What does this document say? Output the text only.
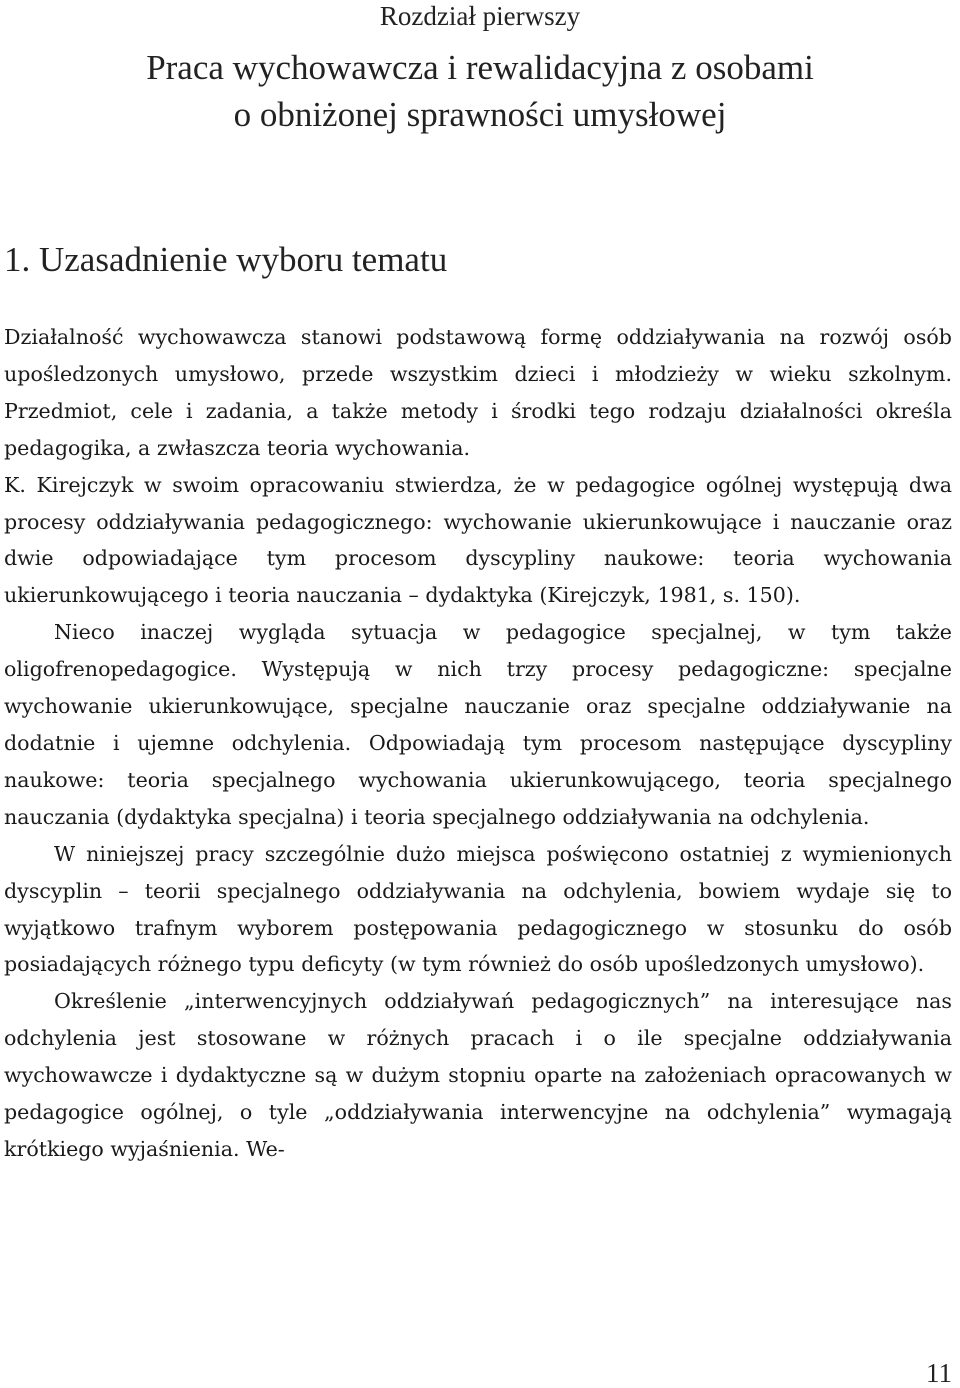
Rozdział pierwszy
Praca wychowawcza i rewalidacyjna z osobami
o obniżonej sprawności umysłowej
1. Uzasadnienie wyboru tematu

Działalność wychowawcza stanowi podstawową formę oddziaływania na rozwój osób upośledzonych umysłowo, przede wszystkim dzieci i młodzieży w wieku szkolnym. Przedmiot, cele i zadania, a także metody i środki tego rodzaju działalności określa pedagogika, a zwłaszcza teoria wychowania.

K. Kirejczyk w swoim opracowaniu stwierdza, że w pedagogice ogólnej występują dwa procesy oddziaływania pedagogicznego: wychowanie ukierunkowujące i nauczanie oraz dwie odpowiadające tym procesom dyscypliny naukowe: teoria wychowania ukierunkowującego i teoria nauczania – dydaktyka (Kirejczyk, 1981, s. 150).

Nieco inaczej wygląda sytuacja w pedagogice specjalnej, w tym także oligofrenopedagogice. Występują w nich trzy procesy pedagogiczne: specjalne wychowanie ukierunkowujące, specjalne nauczanie oraz specjalne oddziaływanie na dodatnie i ujemne odchylenia. Odpowiadają tym procesom następujące dyscypliny naukowe: teoria specjalnego wychowania ukierunkowującego, teoria specjalnego nauczania (dydaktyka specjalna) i teoria specjalnego oddziaływania na odchylenia.

W niniejszej pracy szczególnie dużo miejsca poświęcono ostatniej z wymienionych dyscyplin – teorii specjalnego oddziaływania na odchylenia, bowiem wydaje się to wyjątkowo trafnym wyborem postępowania pedagogicznego w stosunku do osób posiadających różnego typu deficyty (w tym również do osób upośledzonych umysłowo).

Określenie „interwencyjnych oddziaływań pedagogicznych” na interesujące nas odchylenia jest stosowane w różnych pracach i o ile specjalne oddziaływania wychowawcze i dydaktyczne są w dużym stopniu oparte na założeniach opracowanych w pedagogice ogólnej, o tyle „oddziaływania interwencyjne na odchylenia” wymagają krótkiego wyjaśnienia. We-

11
